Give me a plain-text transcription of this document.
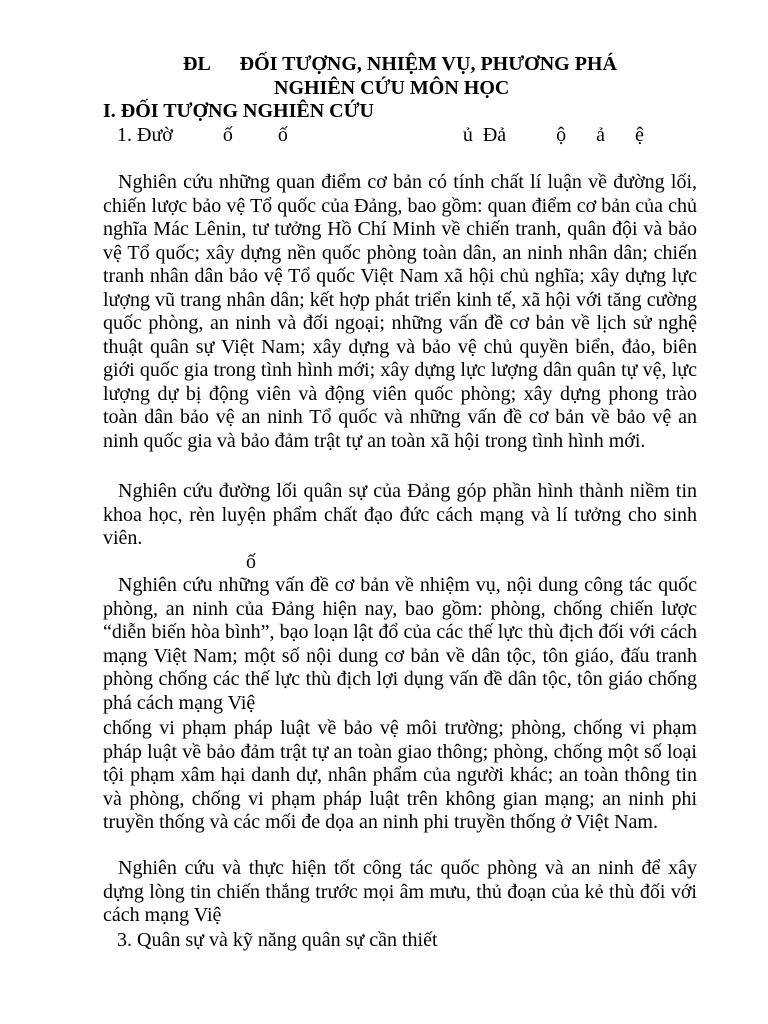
ĐL      ĐỐI TƯỢNG, NHIỆM VỤ, PHƯƠNG PHÁ
NGHIÊN CỨU MÔN HỌC
I. ĐỐI TƯỢNG NGHIÊN CỨU
1. Đườ          ố         ố                                   ủ  Đả          ộ      ả      ệ

Nghiên cứu những quan điểm cơ bản có tính chất lí luận về đường lối, chiến lược bảo vệ Tổ quốc của Đảng, bao gồm: quan điểm cơ bản của chủ nghĩa Mác Lênin, tư tưởng Hồ Chí Minh về chiến tranh, quân đội và bảo vệ Tổ quốc; xây dựng nền quốc phòng toàn dân, an ninh nhân dân; chiến tranh nhân dân bảo vệ Tổ quốc Việt Nam xã hội chủ nghĩa; xây dựng lực lượng vũ trang nhân dân; kết hợp phát triển kinh tế, xã hội với tăng cường quốc phòng, an ninh và đối ngoại; những vấn đề cơ bản về lịch sử nghệ thuật quân sự Việt Nam; xây dựng và bảo vệ chủ quyền biển, đảo, biên giới quốc gia trong tình hình mới; xây dựng lực lượng dân quân tự vệ, lực lượng dự bị động viên và động viên quốc phòng; xây dựng phong trào toàn dân bảo vệ an ninh Tổ quốc và những vấn đề cơ bản về bảo vệ an ninh quốc gia và bảo đảm trật tự an toàn xã hội trong tình hình mới.

Nghiên cứu đường lối quân sự của Đảng góp phần hình thành niềm tin khoa học, rèn luyện phẩm chất đạo đức cách mạng và lí tưởng cho sinh viên.

ố

Nghiên cứu những vấn đề cơ bản về nhiệm vụ, nội dung công tác quốc phòng, an ninh của Đảng hiện nay, bao gồm: phòng, chống chiến lược “diễn biến hòa bình”, bạo loạn lật đổ của các thế lực thù địch đối với cách mạng Việt Nam; một số nội dung cơ bản về dân tộc, tôn giáo, đấu tranh phòng chống các thế lực thù địch lợi dụng vấn đề dân tộc, tôn giáo chống phá cách mạng Việ

chống vi phạm pháp luật về bảo vệ môi trường; phòng, chống vi phạm pháp luật về bảo đảm trật tự an toàn giao thông; phòng, chống một số loại tội phạm xâm hại danh dự, nhân phẩm của người khác; an toàn thông tin và phòng, chống vi phạm pháp luật trên không gian mạng; an ninh phi truyền thống và các mối đe dọa an ninh phi truyền thống ở Việt Nam.

Nghiên cứu và thực hiện tốt công tác quốc phòng và an ninh để xây dựng lòng tin chiến thắng trước mọi âm mưu, thủ đoạn của kẻ thù đối với cách mạng Việ

3. Quân sự và kỹ năng quân sự cần thiết
